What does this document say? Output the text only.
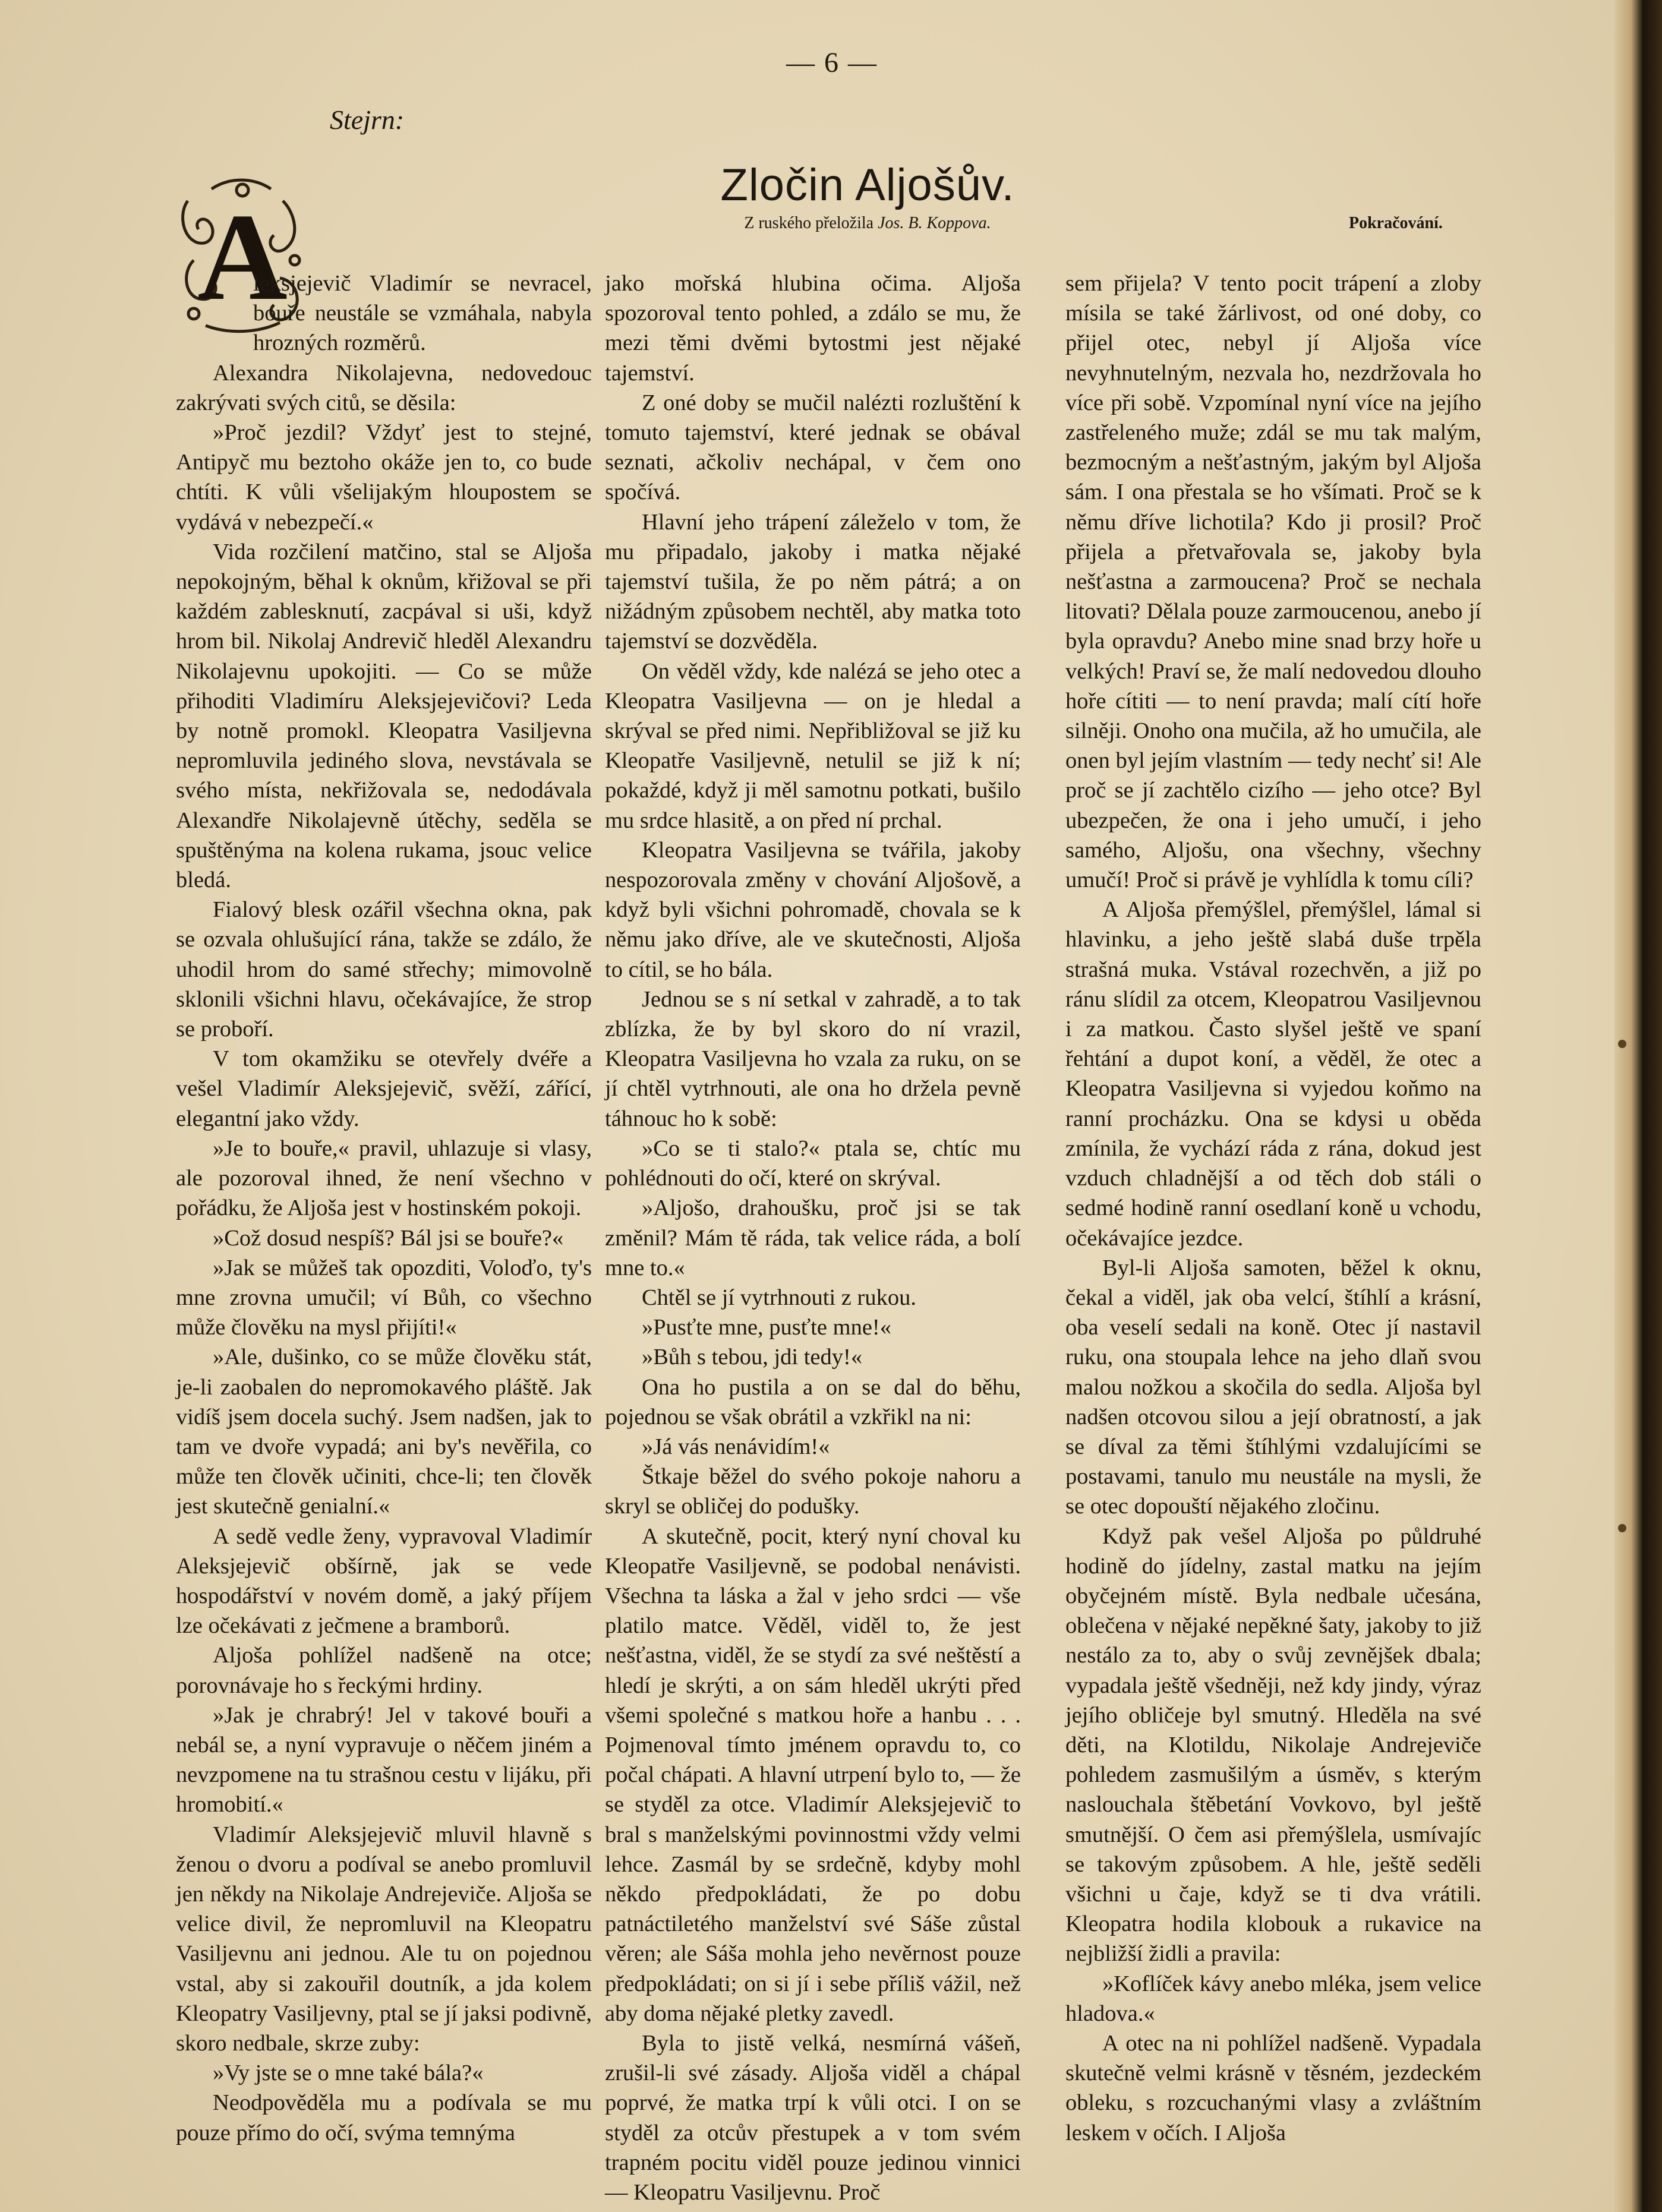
— 6 —
Stejrn:
Zločin Aljošův.
Z ruského přeložila Jos. B. Koppova.	Pokračování.
A

leksjejevič Vladimír se nevracel, bouře neustále se vzmáhala, nabyla hrozných rozměrů.

Alexandra Nikolajevna, nedovedouc zakrývati svých citů, se děsila:

»Proč jezdil? Vždyť jest to stejné, Antipyč mu beztoho okáže jen to, co bude chtíti. K vůli všelijakým hloupostem se vydává v nebezpečí.«

Vida rozčilení matčino, stal se Aljoša nepokojným, běhal k oknům, křižoval se při každém zablesknutí, zacpával si uši, když hrom bil. Nikolaj Andrevič hleděl Alexandru Nikolajevnu upokojiti. — Co se může přihoditi Vladimíru Aleksjejevičovi? Leda by notně promokl. Kleopatra Vasiljevna nepromluvila jediného slova, nevstávala se svého místa, nekřižovala se, nedodávala Alexandře Nikolajevně útěchy, seděla se spuštěnýma na kolena rukama, jsouc velice bledá.

Fialový blesk ozářil všechna okna, pak se ozvala ohlušující rána, takže se zdálo, že uhodil hrom do samé střechy; mimovolně sklonili všichni hlavu, očekávajíce, že strop se proboří.

V tom okamžiku se otevřely dvéře a vešel Vladimír Aleksjejevič, svěží, zářící, elegantní jako vždy.

»Je to bouře,« pravil, uhlazuje si vlasy, ale pozoroval ihned, že není všechno v pořádku, že Aljoša jest v hostinském pokoji.

»Což dosud nespíš? Bál jsi se bouře?«

»Jak se můžeš tak opozditi, Voloďo, ty's mne zrovna umučil; ví Bůh, co všechno může člověku na mysl přijíti!«

»Ale, dušinko, co se může člověku stát, je-li zaobalen do nepromokavého pláště. Jak vidíš jsem docela suchý. Jsem nadšen, jak to tam ve dvoře vypadá; ani by's nevěřila, co může ten člověk učiniti, chce-li; ten člověk jest skutečně genialní.«

A sedě vedle ženy, vypravoval Vladimír Aleksjejevič obšírně, jak se vede hospodářství v novém domě, a jaký příjem lze očekávati z ječmene a bramborů.

Aljoša pohlížel nadšeně na otce; porovnávaje ho s řeckými hrdiny.

»Jak je chrabrý! Jel v takové bouři a nebál se, a nyní vypravuje o něčem jiném a nevzpomene na tu strašnou cestu v lijáku, při hromobití.«

Vladimír Aleksjejevič mluvil hlavně s ženou o dvoru a podíval se anebo promluvil jen někdy na Nikolaje Andrejeviče. Aljoša se velice divil, že nepromluvil na Kleopatru Vasiljevnu ani jednou. Ale tu on pojednou vstal, aby si zakouřil doutník, a jda kolem Kleopatry Vasiljevny, ptal se jí jaksi podivně, skoro nedbale, skrze zuby:

»Vy jste se o mne také bála?«

Neodpověděla mu a podívala se mu pouze přímo do očí, svýma temnýma

jako mořská hlubina očima. Aljoša spozoroval tento pohled, a zdálo se mu, že mezi těmi dvěmi bytostmi jest nějaké tajemství.

Z oné doby se mučil nalézti rozluštění k tomuto tajemství, které jednak se obával seznati, ačkoliv nechápal, v čem ono spočívá.

Hlavní jeho trápení záleželo v tom, že mu připadalo, jakoby i matka nějaké tajemství tušila, že po něm pátrá; a on nižádným způsobem nechtěl, aby matka toto tajemství se dozvěděla.

On věděl vždy, kde nalézá se jeho otec a Kleopatra Vasiljevna — on je hledal a skrýval se před nimi. Nepřibližoval se již ku Kleopatře Vasiljevně, netulil se již k ní; pokaždé, když ji měl samotnu potkati, bušilo mu srdce hlasitě, a on před ní prchal.

Kleopatra Vasiljevna se tvářila, jakoby nespozorovala změny v chování Aljošově, a když byli všichni pohromadě, chovala se k němu jako dříve, ale ve skutečnosti, Aljoša to cítil, se ho bála.

Jednou se s ní setkal v zahradě, a to tak zblízka, že by byl skoro do ní vrazil, Kleopatra Vasiljevna ho vzala za ruku, on se jí chtěl vytrhnouti, ale ona ho držela pevně táhnouc ho k sobě:

»Co se ti stalo?« ptala se, chtíc mu pohlédnouti do očí, které on skrýval.

»Aljošo, drahoušku, proč jsi se tak změnil? Mám tě ráda, tak velice ráda, a bolí mne to.«

Chtěl se jí vytrhnouti z rukou.

»Pusťte mne, pusťte mne!«

»Bůh s tebou, jdi tedy!«

Ona ho pustila a on se dal do běhu, pojednou se však obrátil a vzkřikl na ni:

»Já vás nenávidím!«

Štkaje běžel do svého pokoje nahoru a skryl se obličej do podušky.

A skutečně, pocit, který nyní choval ku Kleopatře Vasiljevně, se podobal nenávisti. Všechna ta láska a žal v jeho srdci — vše platilo matce. Věděl, viděl to, že jest nešťastna, viděl, že se stydí za své neštěstí a hledí je skrýti, a on sám hleděl ukrýti před všemi společné s matkou hoře a hanbu . . . Pojmenoval tímto jménem opravdu to, co počal chápati. A hlavní utrpení bylo to, — že se styděl za otce. Vladimír Aleksjejevič to bral s manželskými povinnostmi vždy velmi lehce. Zasmál by se srdečně, kdyby mohl někdo předpokládati, že po dobu patnáctiletého manželství své Sáše zůstal věren; ale Sáša mohla jeho nevěrnost pouze předpokládati; on si jí i sebe příliš vážil, než aby doma nějaké pletky zavedl.

Byla to jistě velká, nesmírná vášeň, zrušil-li své zásady. Aljoša viděl a chápal poprvé, že matka trpí k vůli otci. I on se styděl za otcův přestupek a v tom svém trapném pocitu viděl pouze jedinou vinnici — Kleopatru Vasiljevnu. Proč

sem přijela? V tento pocit trápení a zloby mísila se také žárlivost, od oné doby, co přijel otec, nebyl jí Aljoša více nevyhnutelným, nezvala ho, nezdržovala ho více při sobě. Vzpomínal nyní více na jejího zastřeleného muže; zdál se mu tak malým, bezmocným a nešťastným, jakým byl Aljoša sám. I ona přestala se ho všímati. Proč se k němu dříve lichotila? Kdo ji prosil? Proč přijela a přetvařovala se, jakoby byla nešťastna a zarmoucena? Proč se nechala litovati? Dělala pouze zarmoucenou, anebo jí byla opravdu? Anebo mine snad brzy hoře u velkých! Praví se, že malí nedovedou dlouho hoře cítiti — to není pravda; malí cítí hoře silněji. Onoho ona mučila, až ho umučila, ale onen byl jejím vlastním — tedy nechť si! Ale proč se jí zachtělo cizího — jeho otce? Byl ubezpečen, že ona i jeho umučí, i jeho samého, Aljošu, ona všechny, všechny umučí! Proč si právě je vyhlídla k tomu cíli?

A Aljoša přemýšlel, přemýšlel, lámal si hlavinku, a jeho ještě slabá duše trpěla strašná muka. Vstával rozechvěn, a již po ránu slídil za otcem, Kleopatrou Vasiljevnou i za matkou. Často slyšel ještě ve spaní řehtání a dupot koní, a věděl, že otec a Kleopatra Vasiljevna si vyjedou koňmo na ranní procházku. Ona se kdysi u oběda zmínila, že vychází ráda z rána, dokud jest vzduch chladnější a od těch dob stáli o sedmé hodině ranní osedlaní koně u vchodu, očekávajíce jezdce.

Byl-li Aljoša samoten, běžel k oknu, čekal a viděl, jak oba velcí, štíhlí a krásní, oba veselí sedali na koně. Otec jí nastavil ruku, ona stoupala lehce na jeho dlaň svou malou nožkou a skočila do sedla. Aljoša byl nadšen otcovou silou a její obratností, a jak se díval za těmi štíhlými vzdalujícími se postavami, tanulo mu neustále na mysli, že se otec dopouští nějakého zločinu.

Když pak vešel Aljoša po půldruhé hodině do jídelny, zastal matku na jejím obyčejném místě. Byla nedbale učesána, oblečena v nějaké nepěkné šaty, jakoby to již nestálo za to, aby o svůj zevnějšek dbala; vypadala ještě všedněji, než kdy jindy, výraz jejího obličeje byl smutný. Hleděla na své děti, na Klotildu, Nikolaje Andrejeviče pohledem zasmušilým a úsměv, s kterým naslouchala štěbetání Vovkovo, byl ještě smutnější. O čem asi přemýšlela, usmívajíc se takovým způsobem. A hle, ještě seděli všichni u čaje, když se ti dva vrátili. Kleopatra hodila klobouk a rukavice na nejbližší židli a pravila:

»Koflíček kávy anebo mléka, jsem velice hladova.«

A otec na ni pohlížel nadšeně. Vypadala skutečně velmi krásně v těsném, jezdeckém obleku, s rozcuchanými vlasy a zvláštním leskem v očích. I Aljoša
